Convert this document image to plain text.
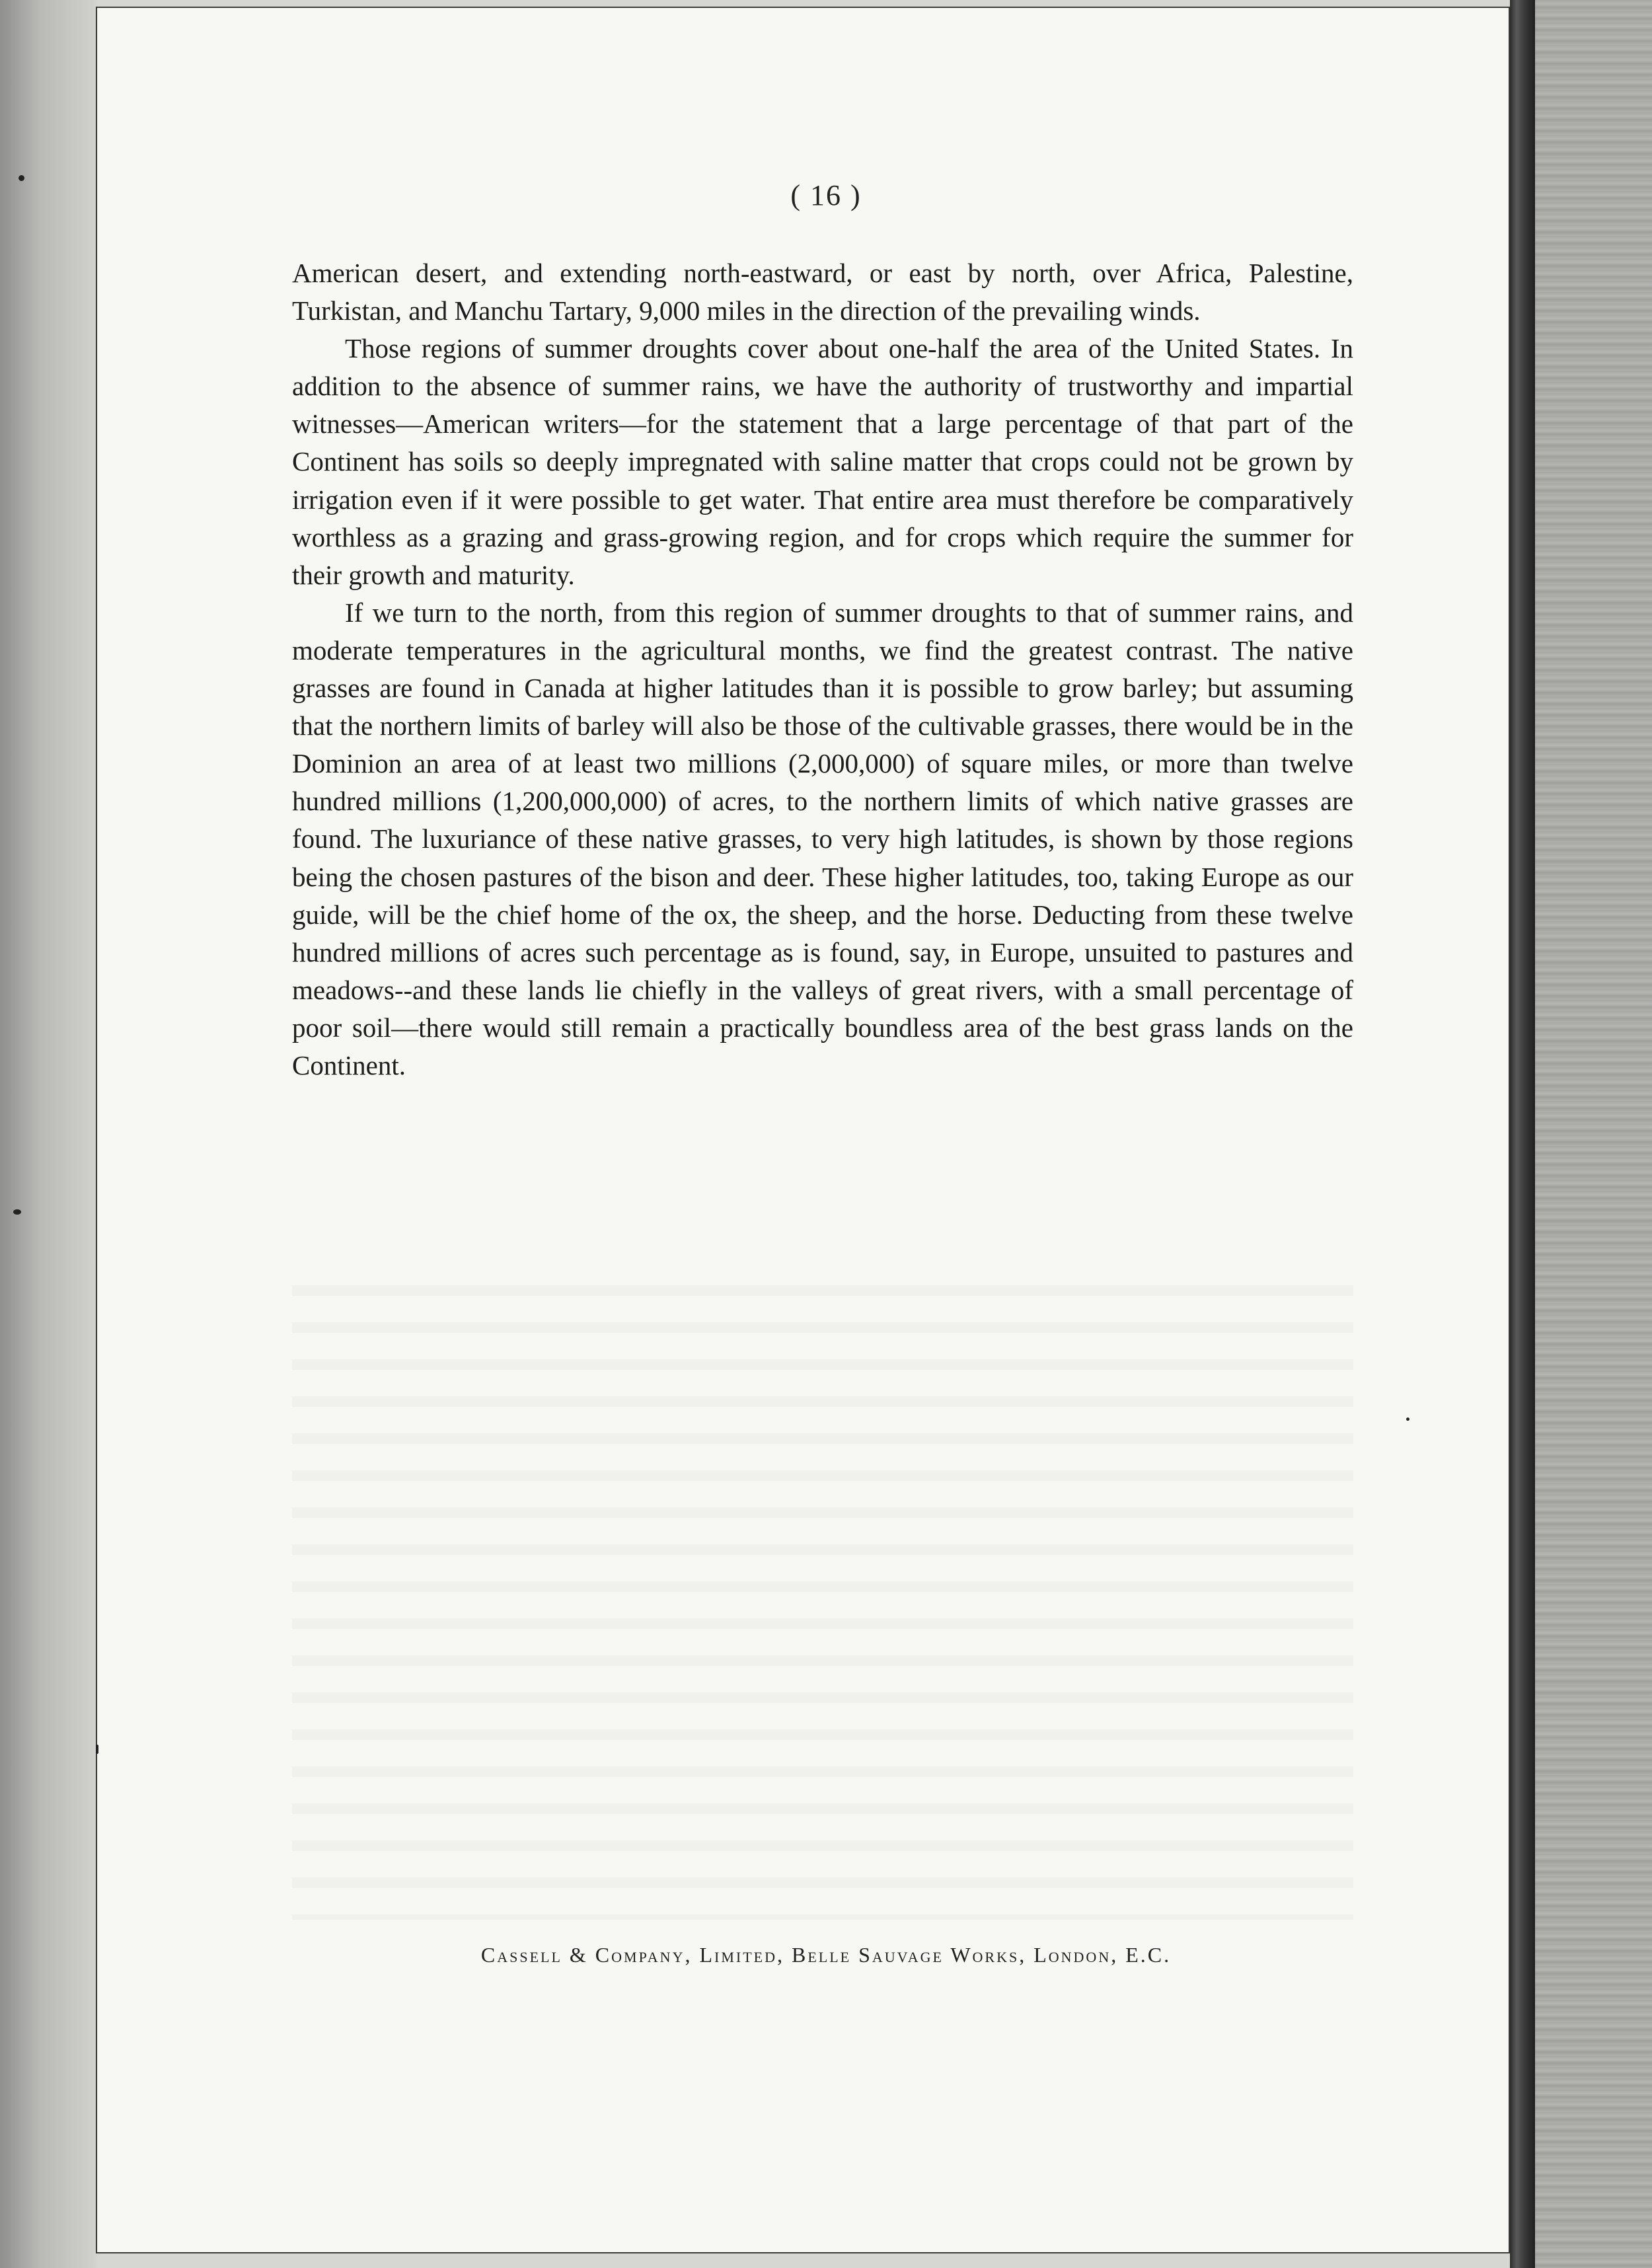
( 16 )

American desert, and extending north-eastward, or east by north, over Africa, Palestine, Turkistan, and Manchu Tartary, 9,000 miles in the direction of the prevailing winds.

Those regions of summer droughts cover about one-half the area of the United States. In addition to the absence of summer rains, we have the authority of trustworthy and impartial witnesses—American writers—for the statement that a large percentage of that part of the Continent has soils so deeply impregnated with saline matter that crops could not be grown by irrigation even if it were possible to get water. That entire area must therefore be comparatively worthless as a grazing and grass-growing region, and for crops which require the summer for their growth and maturity.

If we turn to the north, from this region of summer droughts to that of summer rains, and moderate temperatures in the agricultural months, we find the greatest contrast. The native grasses are found in Canada at higher latitudes than it is possible to grow barley; but assuming that the northern limits of barley will also be those of the cultivable grasses, there would be in the Dominion an area of at least two millions (2,000,000) of square miles, or more than twelve hundred millions (1,200,000,000) of acres, to the northern limits of which native grasses are found. The luxuriance of these native grasses, to very high latitudes, is shown by those regions being the chosen pastures of the bison and deer. These higher latitudes, too, taking Europe as our guide, will be the chief home of the ox, the sheep, and the horse. Deducting from these twelve hundred millions of acres such percentage as is found, say, in Europe, unsuited to pastures and meadows--and these lands lie chiefly in the valleys of great rivers, with a small percentage of poor soil—there would still remain a practically boundless area of the best grass lands on the Continent.

Cassell & Company, Limited, Belle Sauvage Works, London, E.C.
